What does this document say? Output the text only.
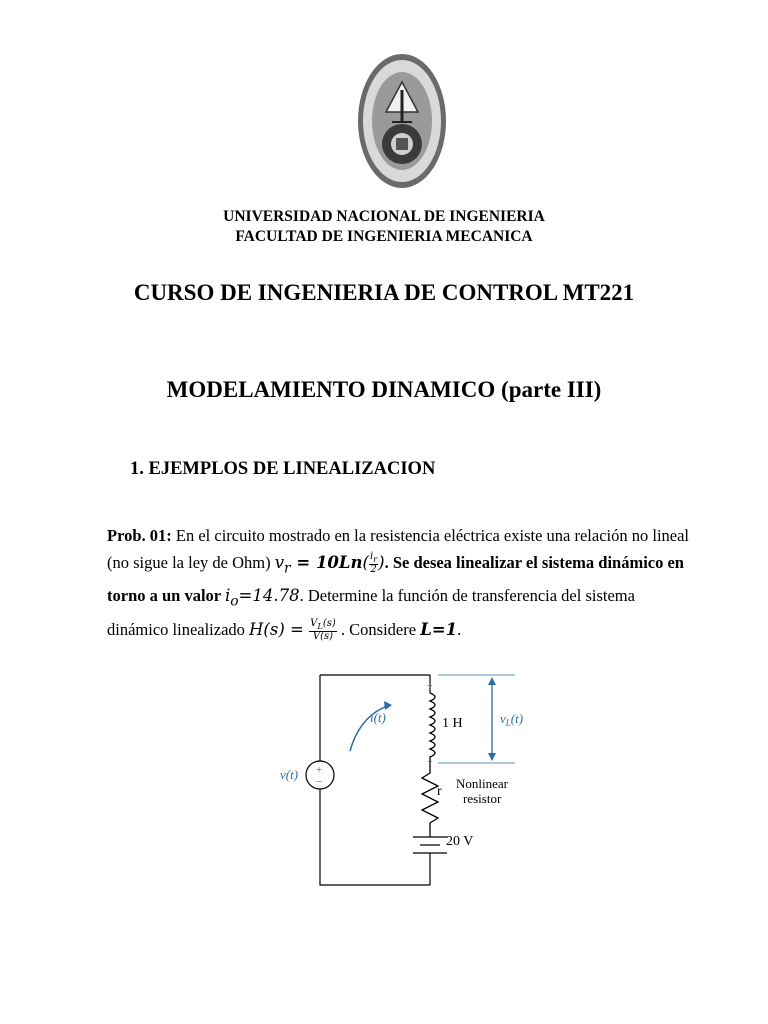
UNIVERSIDAD NACIONAL DE INGENIERIA
FACULTAD DE INGENIERIA MECANICA
CURSO DE INGENIERIA DE CONTROL MT221
MODELAMIENTO DINAMICO (parte III)
1. EJEMPLOS DE LINEALIZACION
Prob. 01: En el circuito mostrado en la resistencia eléctrica existe una relación no lineal (no sigue la ley de Ohm) $v_r = 10Ln( \frac{i_r}{2}$ ). Se desea linealizar el sistema dinámico en torno a un valor $i_o=14.78$. Determine la función de transferencia del sistema dinámico linealizado $H(s) = \frac{V_L(s)}{V(s)}$ . Considere L=1.
+
−
v(t)
i(t)
+
−
1 H	$v_L(t)$
r
Nonlinear
resistor
20 V
